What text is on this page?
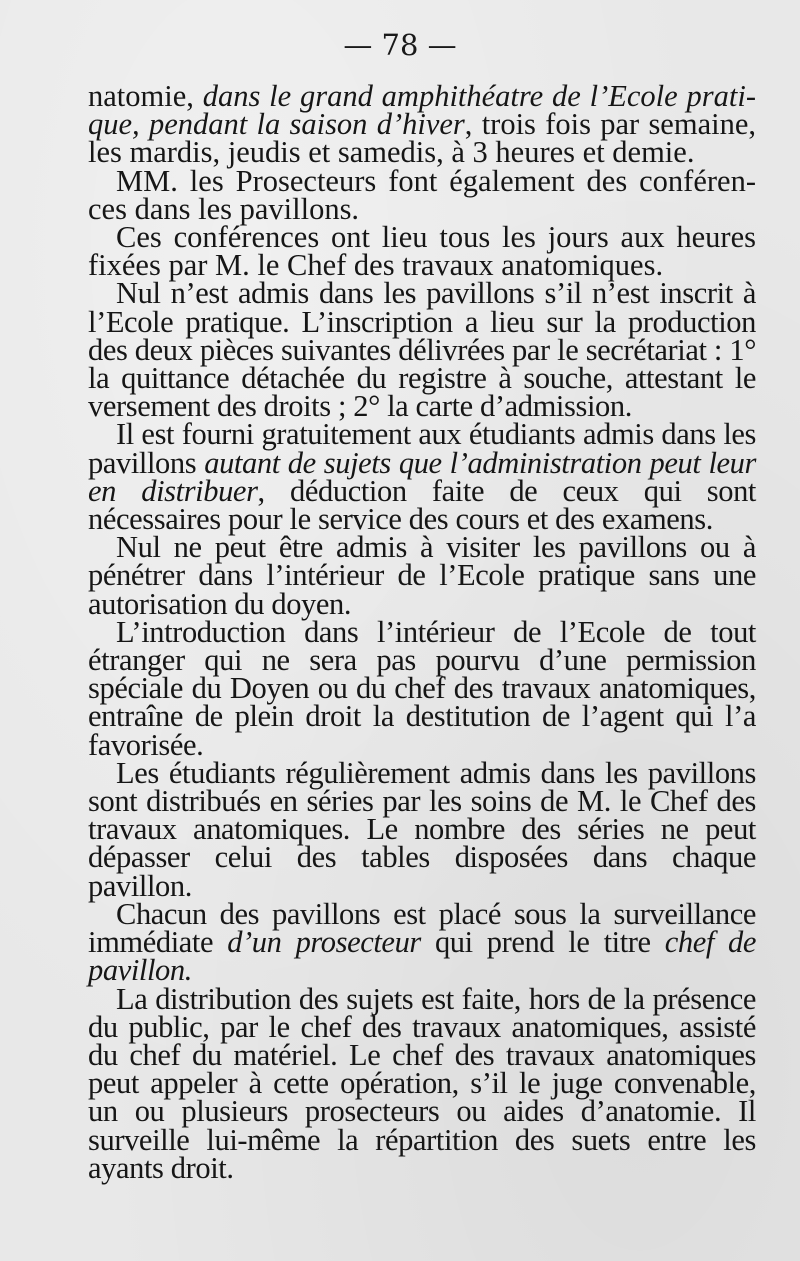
— 78 —

natomie, dans le grand amphithéatre de l’Ecole pratique, pendant la saison d’hiver, trois fois par semaine, les mardis, jeudis et samedis, à 3 heures et demie.

MM. les Prosecteurs font également des conférences dans les pavillons.

Ces conférences ont lieu tous les jours aux heures fixées par M. le Chef des travaux anatomiques.

Nul n’est admis dans les pavillons s’il n’est inscrit à l’Ecole pratique. L’inscription a lieu sur la production des deux pièces suivantes délivrées par le secrétariat : 1° la quittance détachée du registre à souche, attestant le versement des droits ; 2° la carte d’admission.

Il est fourni gratuitement aux étudiants admis dans les pavillons autant de sujets que l’administration peut leur en distribuer, déduction faite de ceux qui sont nécessaires pour le service des cours et des examens.

Nul ne peut être admis à visiter les pavillons ou à pénétrer dans l’intérieur de l’Ecole pratique sans une autorisation du doyen.

L’introduction dans l’intérieur de l’Ecole de tout étranger qui ne sera pas pourvu d’une permission spéciale du Doyen ou du chef des travaux anatomiques, entraîne de plein droit la destitution de l’agent qui l’a favorisée.

Les étudiants régulièrement admis dans les pavillons sont distribués en séries par les soins de M. le Chef des travaux anatomiques. Le nombre des séries ne peut dépasser celui des tables disposées dans chaque pavillon.

Chacun des pavillons est placé sous la surveillance immédiate d’un prosecteur qui prend le titre chef de pavillon.

La distribution des sujets est faite, hors de la présence du public, par le chef des travaux anatomiques, assisté du chef du matériel. Le chef des travaux anatomiques peut appeler à cette opération, s’il le juge convenable, un ou plusieurs prosecteurs ou aides d’anatomie. Il surveille lui-même la répartition des suets entre les ayants droit.
